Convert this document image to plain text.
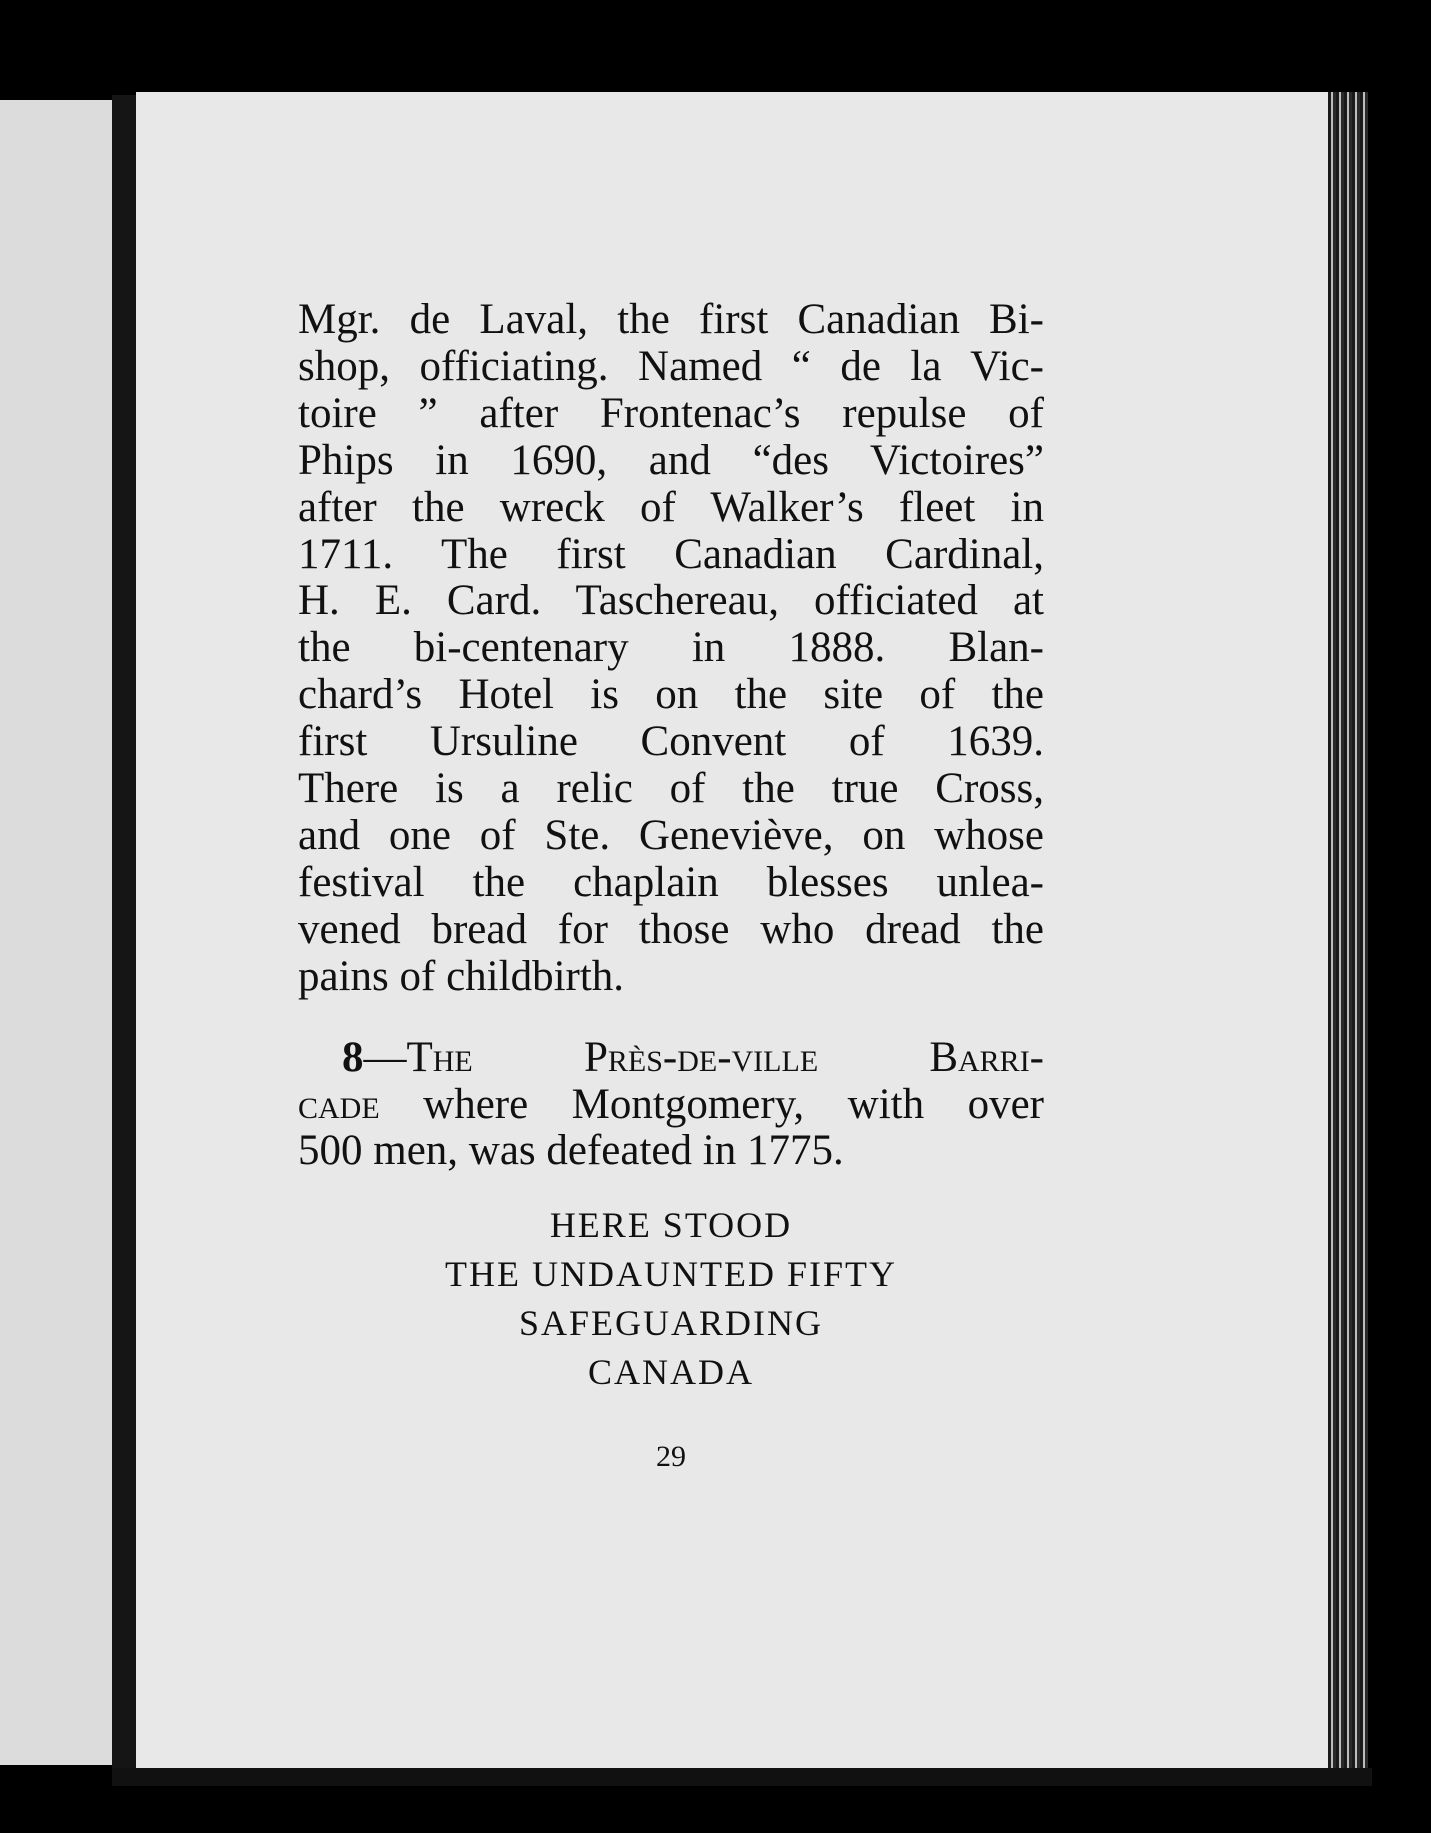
Mgr. de Laval, the first Canadian Bi-
shop, officiating. Named “ de la Vic-
toire ” after Frontenac’s repulse of
Phips in 1690, and “des Victoires”
after the wreck of Walker’s fleet in
1711. The first Canadian Cardinal,
H. E. Card. Taschereau, officiated at
the bi-centenary in 1888. Blan-
chard’s Hotel is on the site of the
first Ursuline Convent of 1639.
There is a relic of the true Cross,
and one of Ste. Geneviève, on whose
festival the chaplain blesses unlea-
vened bread for those who dread the
pains of childbirth.

8—The Près-de-ville Barri-
cade where Montgomery, with over
500 men, was defeated in 1775.

HERE STOOD
THE UNDAUNTED FIFTY
SAFEGUARDING
CANADA
29
